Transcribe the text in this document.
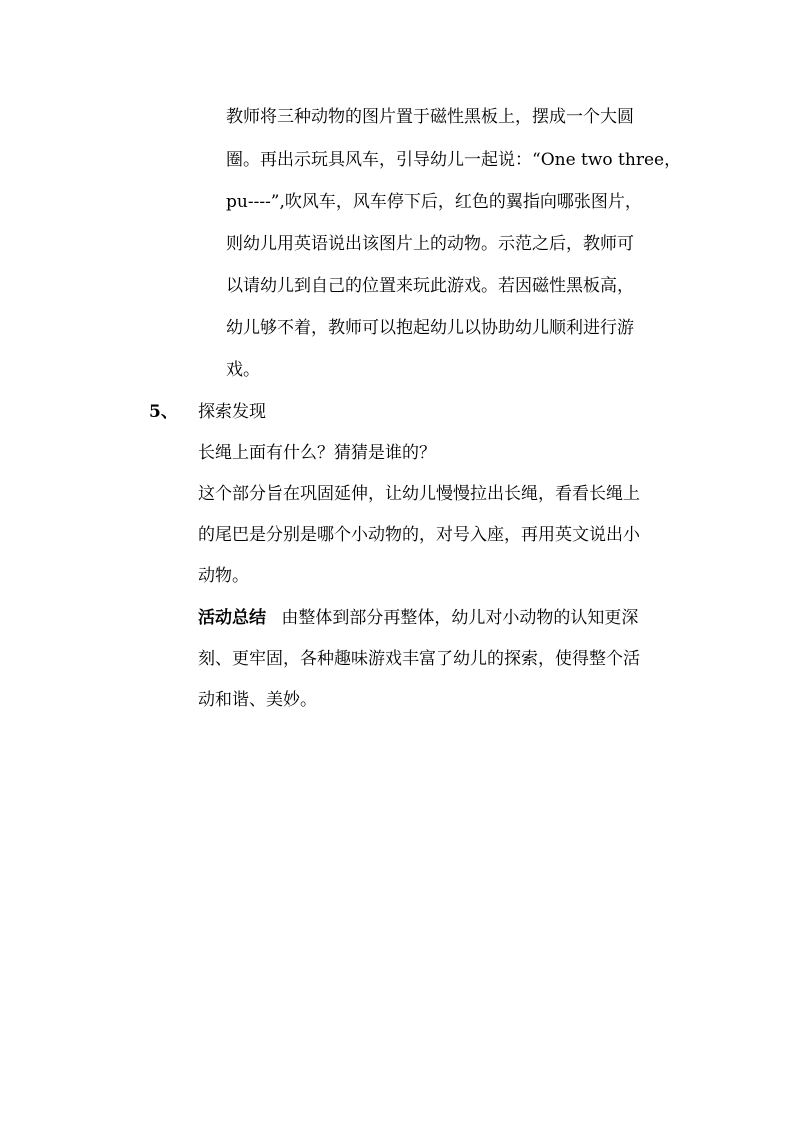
教师将三种动物的图片置于磁性黑板上，摆成一个大圆
圈。再出示玩具风车，引导幼儿一起说：“One two three，
pu----”,吹风车，风车停下后，红色的翼指向哪张图片，
则幼儿用英语说出该图片上的动物。示范之后，教师可
以请幼儿到自己的位置来玩此游戏。若因磁性黑板高，
幼儿够不着，教师可以抱起幼儿以协助幼儿顺利进行游
戏。
5、 探索发现
长绳上面有什么？猜猜是谁的？
这个部分旨在巩固延伸，让幼儿慢慢拉出长绳，看看长绳上
的尾巴是分别是哪个小动物的，对号入座，再用英文说出小
动物。
活动总结 由整体到部分再整体，幼儿对小动物的认知更深
刻、更牢固，各种趣味游戏丰富了幼儿的探索，使得整个活
动和谐、美妙。
